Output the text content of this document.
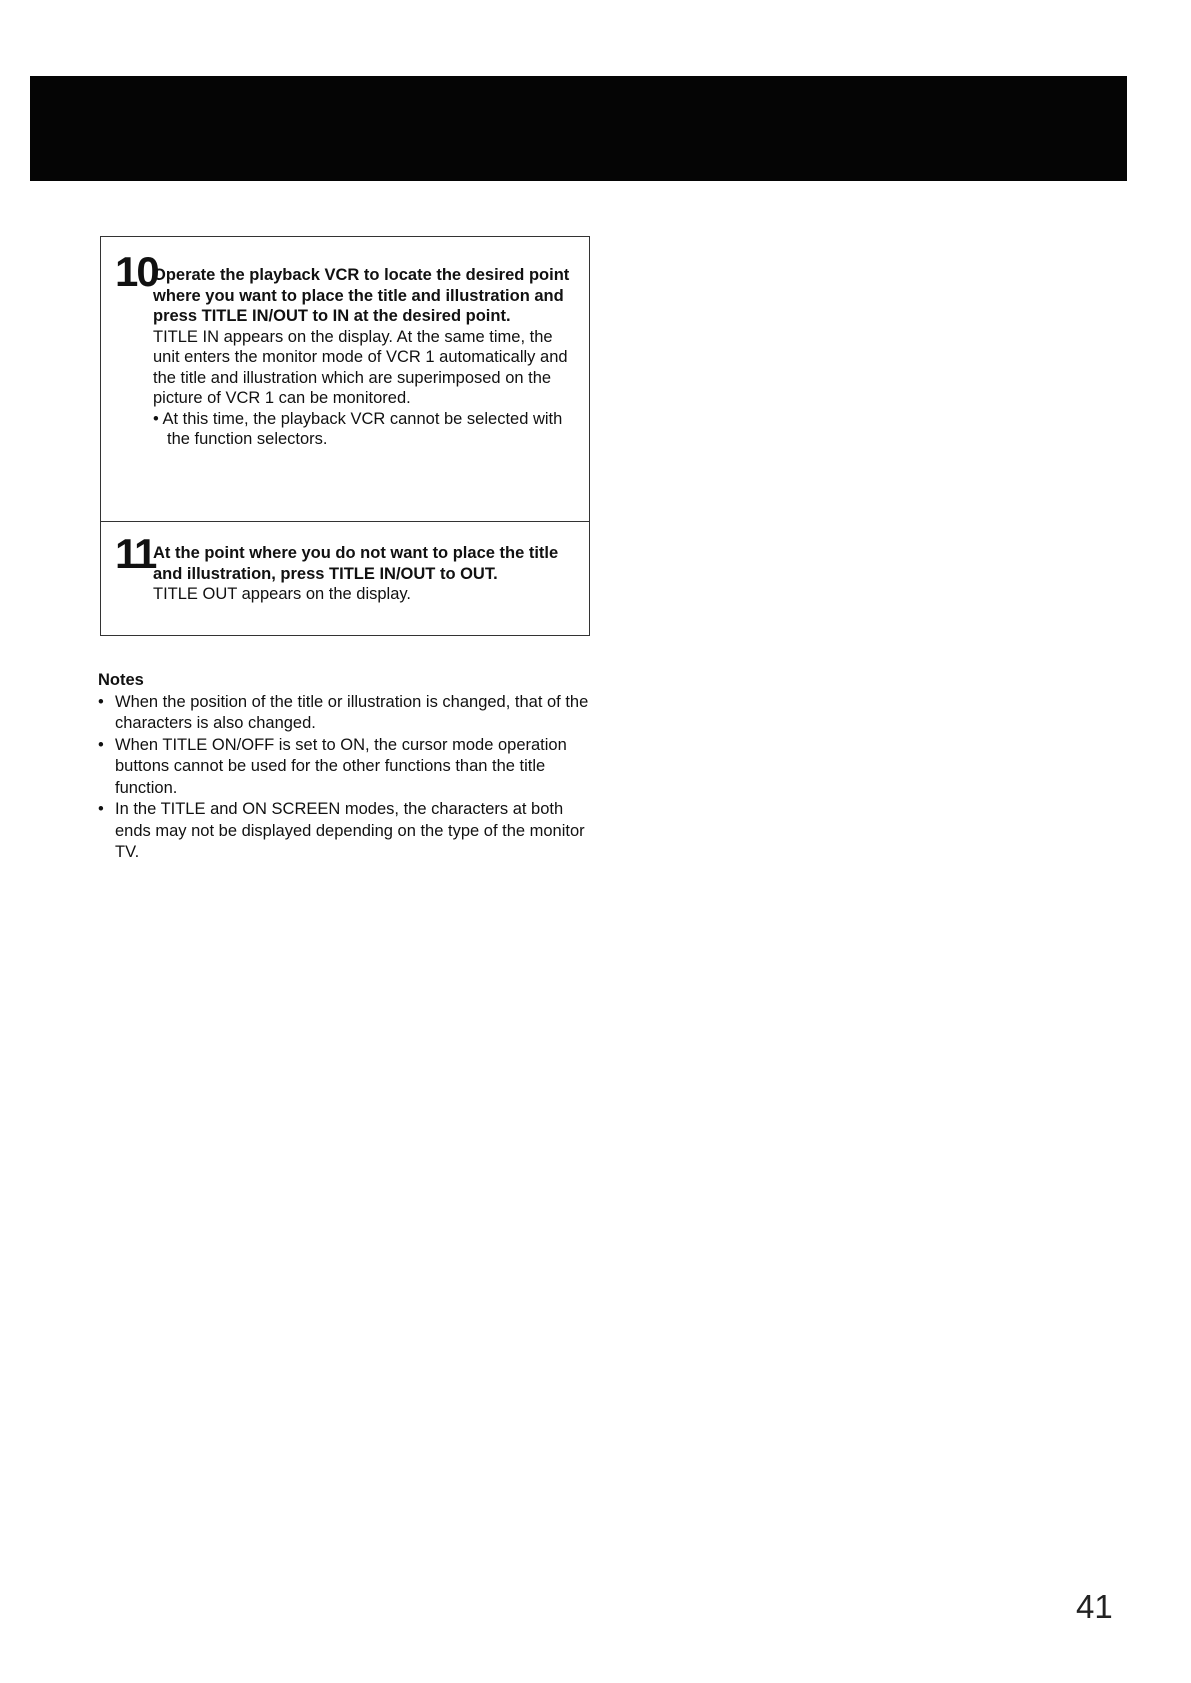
10
Operate the playback VCR to locate the desired point where you want to place the title and illustration and press TITLE IN/OUT to IN at the desired point.

TITLE IN appears on the display. At the same time, the unit enters the monitor mode of VCR 1 automatically and the title and illustration which are superimposed on the picture of VCR 1 can be monitored.

• At this time, the playback VCR cannot be selected with the function selectors.

11
At the point where you do not want to place the title and illustration, press TITLE IN/OUT to OUT.

TITLE OUT appears on the display.

Notes
• When the position of the title or illustration is changed, that of the characters is also changed.
• When TITLE ON/OFF is set to ON, the cursor mode operation buttons cannot be used for the other functions than the title function.
• In the TITLE and ON SCREEN modes, the characters at both ends may not be displayed depending on the type of the monitor TV.
41
